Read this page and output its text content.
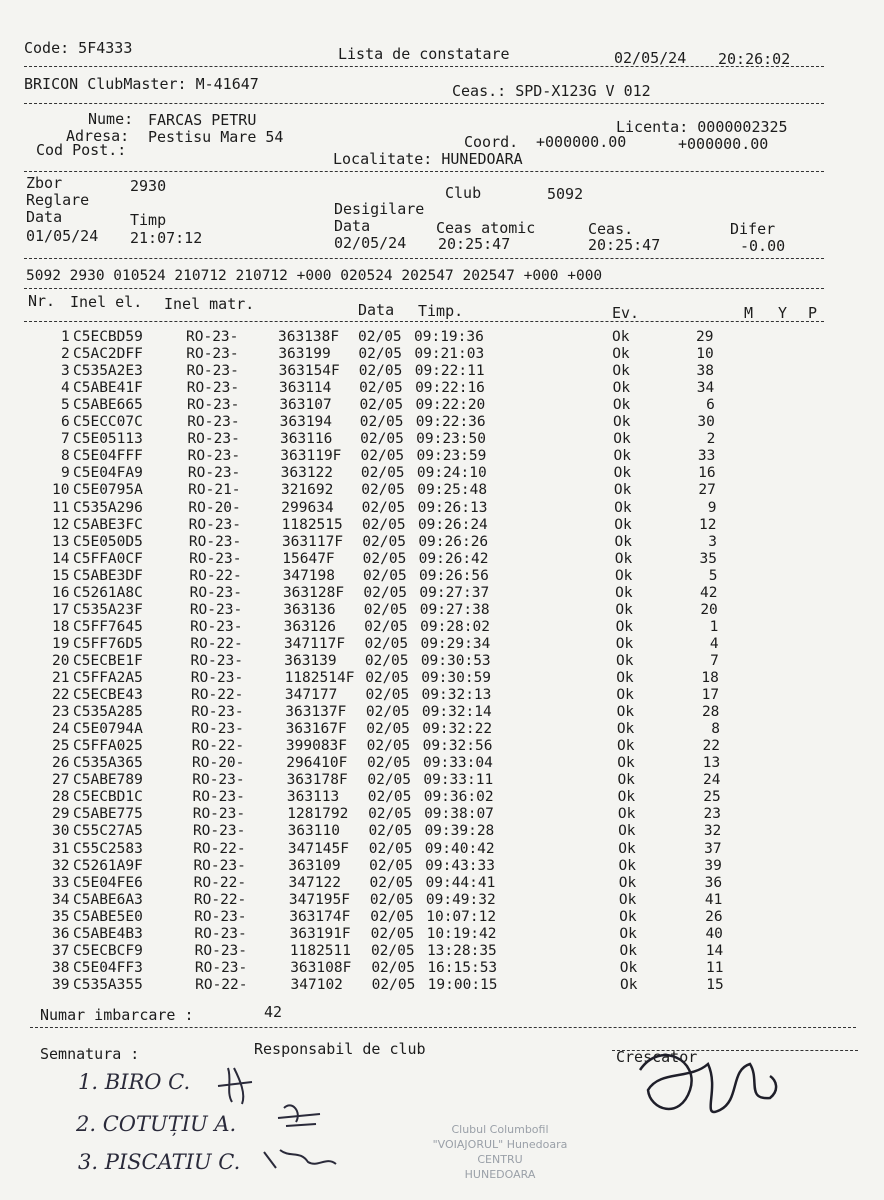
Code: 5F4333	Lista de constatare	02/05/24 20:26:02
BRICON ClubMaster: M-41647	Ceas.: SPD-X123G V 012
Nume: FARCAS PETRU
Adresa: Pestisu Mare 54
Cod Post.:
Licenta: 0000002325
Coord. +000000.00	+000000.00
Localitate: HUNEDOARA
Zbor	2930	Club	5092
Reglare	Desigilare
Data	Timp	Data	Ceas atomic	Ceas.	Difer
01/05/24 21:07:12	02/05/24 20:25:47	20:25:47	-0.00
5092 2930 010524 210712 210712 +000 020524 202547 202547 +000 +000
Nr. Inel el. Inel matr.	Data Timp.	Ev.	M Y P
1 C5ECBD59	RO-23-	363138F 02/05 09:19:36	Ok	29
2 C5AC2DFF	RO-23-	363199 02/05 09:21:03	Ok	10
3 C535A2E3	RO-23-	363154F 02/05 09:22:11	Ok	38
4 C5ABE41F	RO-23-	363114 02/05 09:22:16	Ok	34
5 C5ABE665	RO-23-	363107 02/05 09:22:20	Ok	6
6 C5ECC07C	RO-23-	363194 02/05 09:22:36	Ok	30
7 C5E05113	RO-23-	363116 02/05 09:23:50	Ok	2
8 C5E04FFF	RO-23-	363119F 02/05 09:23:59	Ok	33
9 C5E04FA9	RO-23-	363122 02/05 09:24:10	Ok	16
10 C5E0795A	RO-21-	321692 02/05 09:25:48	Ok	27
11 C535A296	RO-20-	299634 02/05 09:26:13	Ok	9
12 C5ABE3FC	RO-23-	1182515 02/05 09:26:24	Ok	12
13 C5E050D5	RO-23-	363117F 02/05 09:26:26	Ok	3
14 C5FFA0CF	RO-23-	15647F 02/05 09:26:42	Ok	35
15 C5ABE3DF	RO-22-	347198 02/05 09:26:56	Ok	5
16 C5261A8C	RO-23-	363128F 02/05 09:27:37	Ok	42
17 C535A23F	RO-23-	363136 02/05 09:27:38	Ok	20
18 C5FF7645	RO-23-	363126 02/05 09:28:02	Ok	1
19 C5FF76D5	RO-22-	347117F 02/05 09:29:34	Ok	4
20 C5ECBE1F	RO-23-	363139 02/05 09:30:53	Ok	7
21 C5FFA2A5	RO-23-	1182514F 02/05 09:30:59	Ok	18
22 C5ECBE43	RO-22-	347177 02/05 09:32:13	Ok	17
23 C535A285	RO-23-	363137F 02/05 09:32:14	Ok	28
24 C5E0794A	RO-23-	363167F 02/05 09:32:22	Ok	8
25 C5FFA025	RO-22-	399083F 02/05 09:32:56	Ok	22
26 C535A365	RO-20-	296410F 02/05 09:33:04	Ok	13
27 C5ABE789	RO-23-	363178F 02/05 09:33:11	Ok	24
28 C5ECBD1C	RO-23-	363113 02/05 09:36:02	Ok	25
29 C5ABE775	RO-23-	1281792 02/05 09:38:07	Ok	23
30 C55C27A5	RO-23-	363110 02/05 09:39:28	Ok	32
31 C55C2583	RO-22-	347145F 02/05 09:40:42	Ok	37
32 C5261A9F	RO-23-	363109 02/05 09:43:33	Ok	39
33 C5E04FE6	RO-22-	347122 02/05 09:44:41	Ok	36
34 C5ABE6A3	RO-22-	347195F 02/05 09:49:32	Ok	41
35 C5ABE5E0	RO-23-	363174F 02/05 10:07:12	Ok	26
36 C5ABE4B3	RO-23-	363191F 02/05 10:19:42	Ok	40
37 C5ECBCF9	RO-23-	1182511 02/05 13:28:35	Ok	14
38 C5E04FF3	RO-23-	363108F 02/05 16:15:53	Ok	11
39 C535A355	RO-22-	347102 02/05 19:00:15	Ok	15
Numar imbarcare :	42
Semnatura :	Responsabil de club	Crescator
1. BIRO C.
2. COTUȚIU A.
3. PISCATIU C.
Clubul Columbofil
"VOIAJORUL" Hunedoara
CENTRU
HUNEDOARA
